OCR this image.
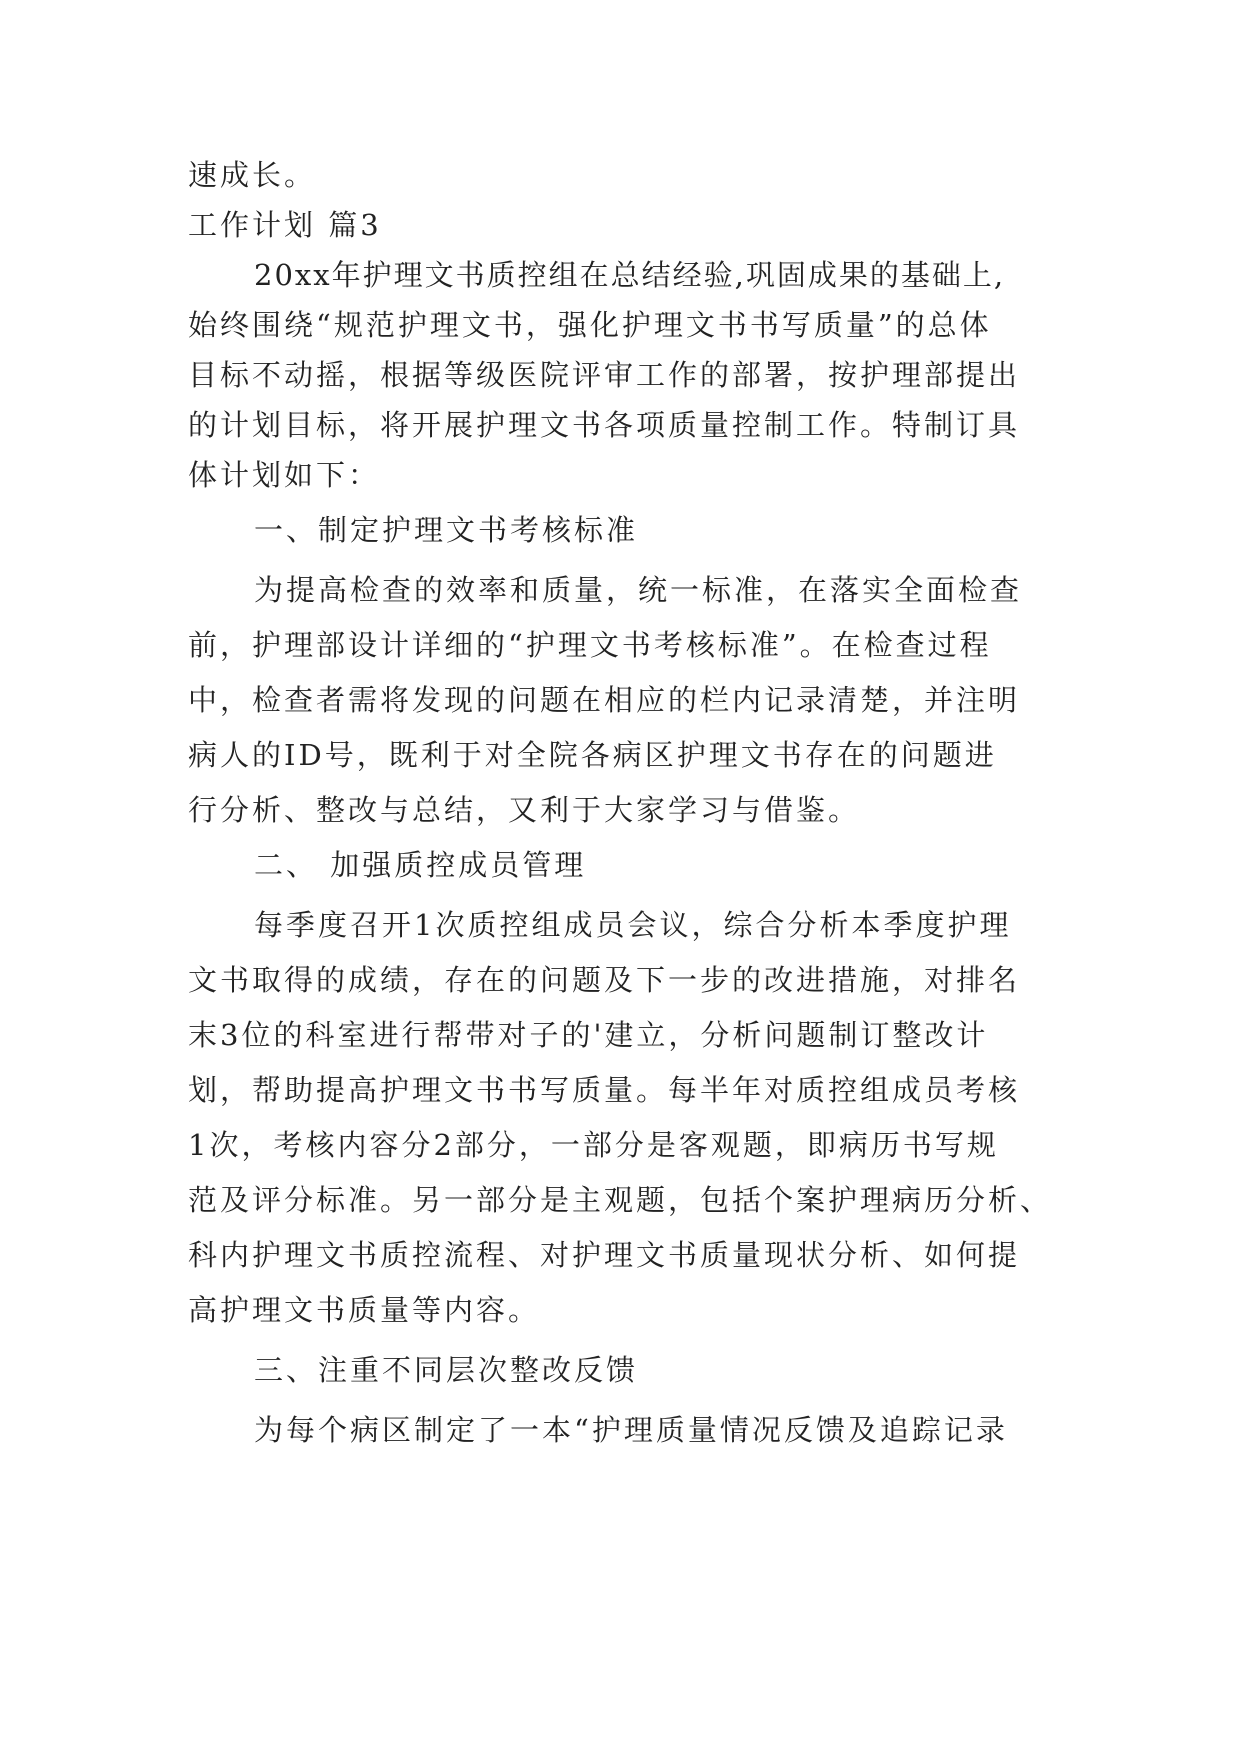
速成长。

工作计划 篇3

20xx年护理文书质控组在总结经验,巩固成果的基础上,

始终围绕“规范护理文书，强化护理文书书写质量”的总体

目标不动摇，根据等级医院评审工作的部署，按护理部提出

的计划目标，将开展护理文书各项质量控制工作。特制订具

体计划如下：

一、制定护理文书考核标准

为提高检查的效率和质量，统一标准，在落实全面检查

前，护理部设计详细的“护理文书考核标准”。在检查过程

中，检查者需将发现的问题在相应的栏内记录清楚，并注明

病人的ID号，既利于对全院各病区护理文书存在的问题进

行分析、整改与总结，又利于大家学习与借鉴。

二、 加强质控成员管理

每季度召开1次质控组成员会议，综合分析本季度护理

文书取得的成绩，存在的问题及下一步的改进措施，对排名

末3位的科室进行帮带对子的'建立，分析问题制订整改计

划，帮助提高护理文书书写质量。每半年对质控组成员考核

1次，考核内容分2部分，一部分是客观题，即病历书写规

范及评分标准。另一部分是主观题，包括个案护理病历分析、

科内护理文书质控流程、对护理文书质量现状分析、如何提

高护理文书质量等内容。

三、注重不同层次整改反馈

为每个病区制定了一本“护理质量情况反馈及追踪记录
